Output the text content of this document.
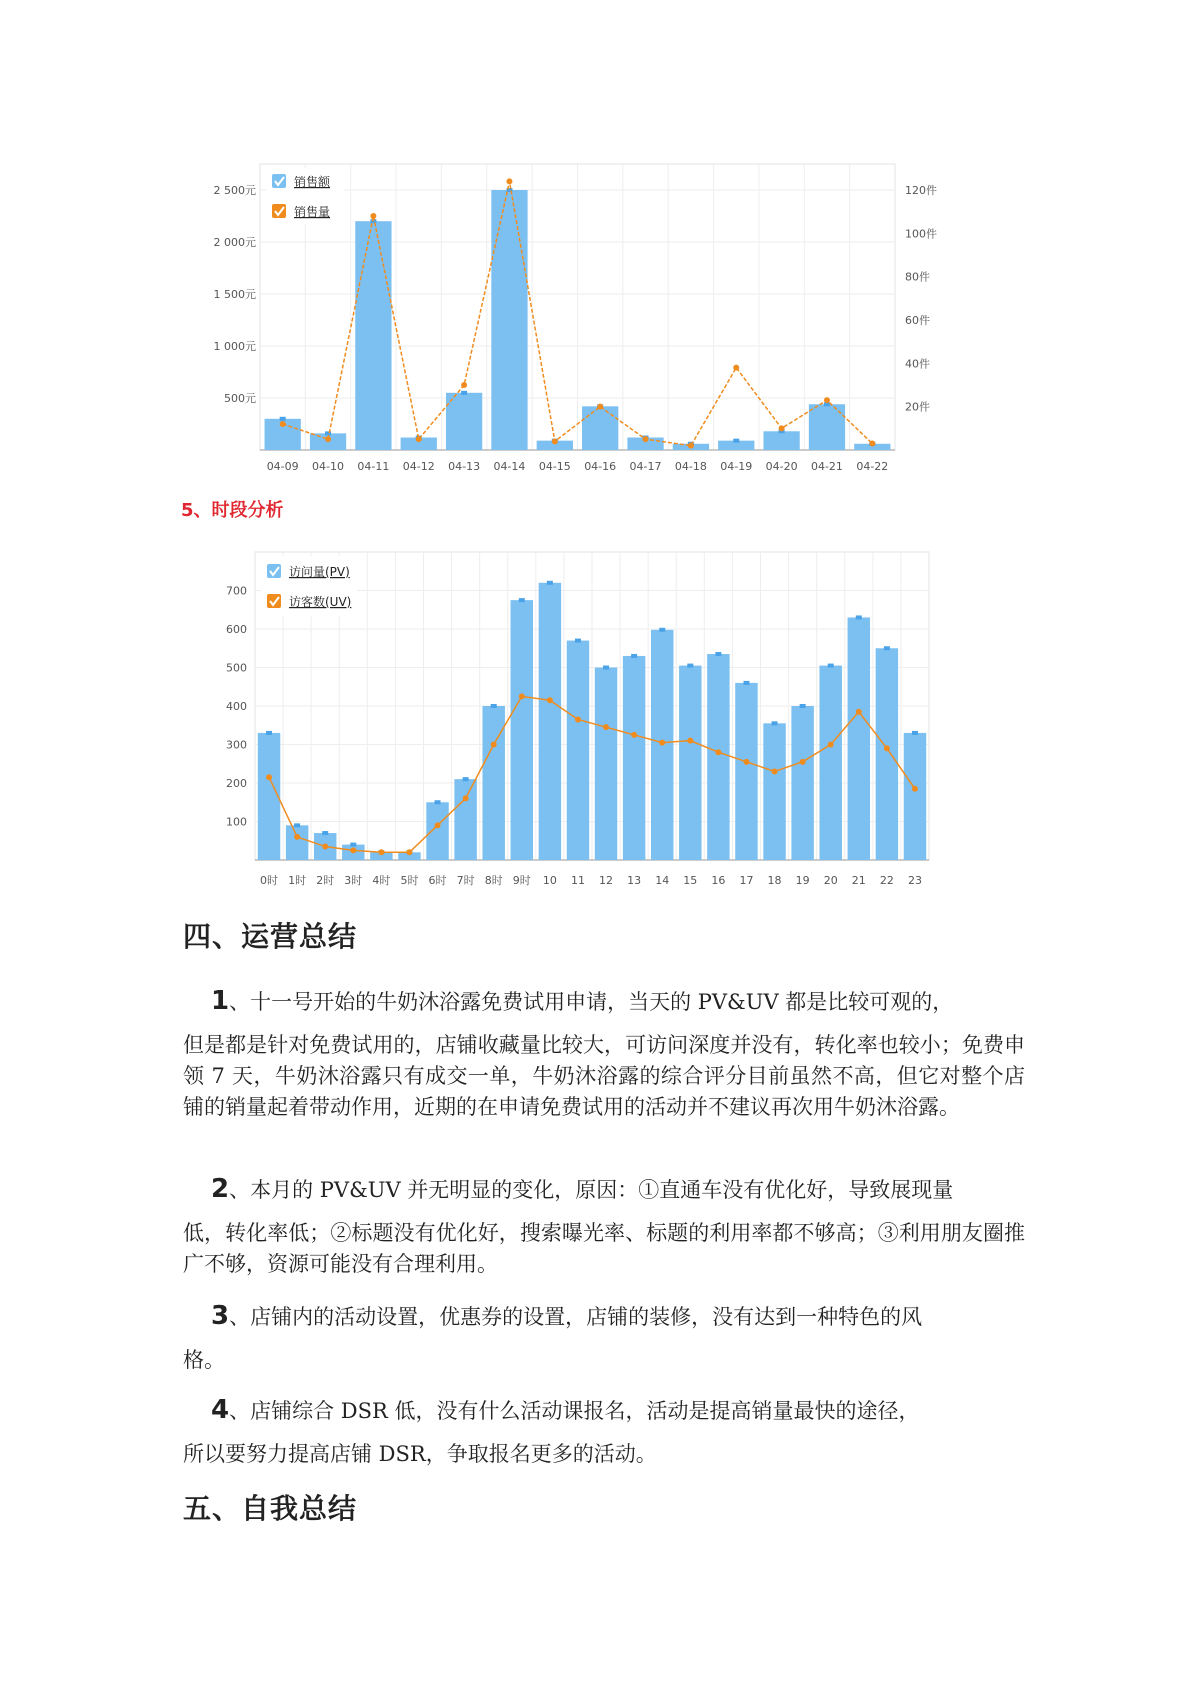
500元
1 000元
1 500元
2 000元
2 500元
20件
40件
60件
80件
100件
120件
04-09 04-10 04-11 04-12 04-13 04-14 04-15 04-16 04-17 04-18 04-19 04-20 04-21 04-22
销售额
销售量
5、时段分析
100
200
300
400
500
600
700
0时 1时 2时 3时 4时 5时 6时 7时 8时 9时 10 11 12 13 14 15 16 17 18 19 20 21 22 23
访问量(PV)
访客数(UV)
四、运营总结
1、十一号开始的牛奶沐浴露免费试用申请，当天的 PV&UV 都是比较可观的，
但是都是针对免费试用的，店铺收藏量比较大，可访问深度并没有，转化率也较小；免费申领 7 天，牛奶沐浴露只有成交一单，牛奶沐浴露的综合评分目前虽然不高，但它对整个店铺的销量起着带动作用，近期的在申请免费试用的活动并不建议再次用牛奶沐浴露。
2、本月的 PV&UV 并无明显的变化，原因：①直通车没有优化好，导致展现量
低，转化率低；②标题没有优化好，搜索曝光率、标题的利用率都不够高；③利用朋友圈推广不够，资源可能没有合理利用。
3、店铺内的活动设置，优惠券的设置，店铺的装修，没有达到一种特色的风
格。
4、店铺综合 DSR 低，没有什么活动课报名，活动是提高销量最快的途径，
所以要努力提高店铺 DSR，争取报名更多的活动。
五、自我总结
